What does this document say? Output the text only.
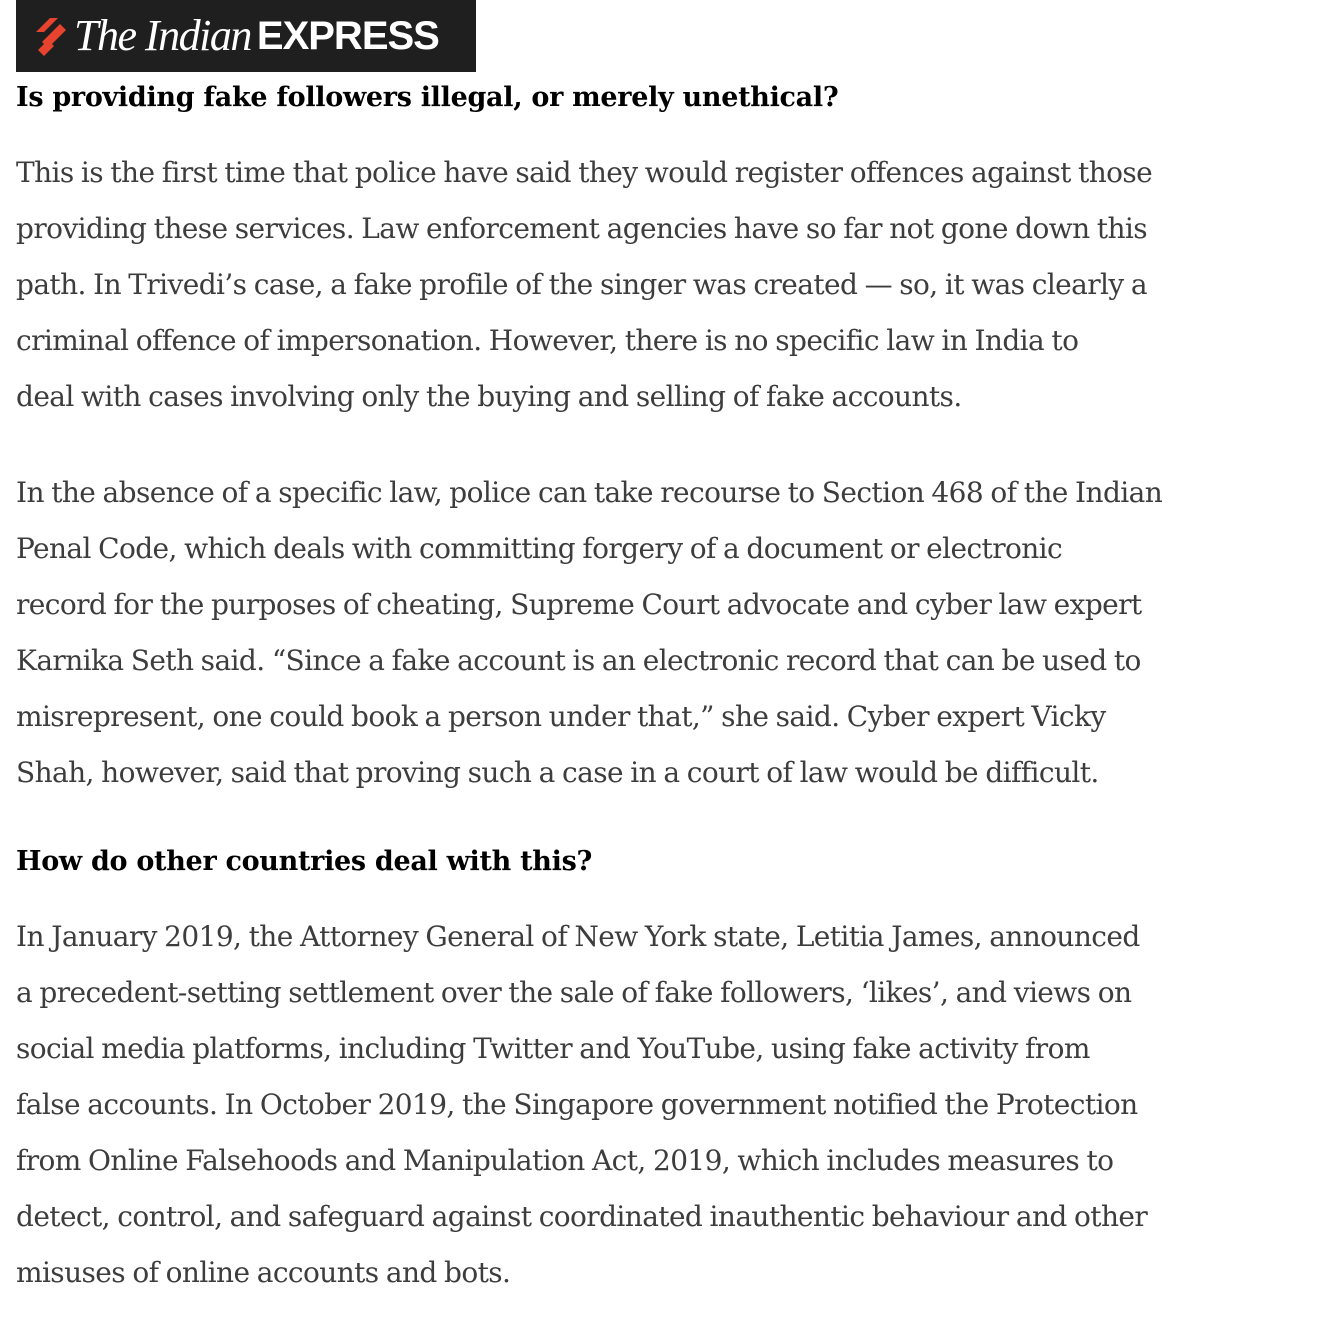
The Indian EXPRESS
Is providing fake followers illegal, or merely unethical?

This is the first time that police have said they would register offences against those
providing these services. Law enforcement agencies have so far not gone down this
path. In Trivedi’s case, a fake profile of the singer was created — so, it was clearly a
criminal offence of impersonation. However, there is no specific law in India to
deal with cases involving only the buying and selling of fake accounts.

In the absence of a specific law, police can take recourse to Section 468 of the Indian
Penal Code, which deals with committing forgery of a document or electronic
record for the purposes of cheating, Supreme Court advocate and cyber law expert
Karnika Seth said. “Since a fake account is an electronic record that can be used to
misrepresent, one could book a person under that,” she said. Cyber expert Vicky
Shah, however, said that proving such a case in a court of law would be difficult.

How do other countries deal with this?

In January 2019, the Attorney General of New York state, Letitia James, announced
a precedent-setting settlement over the sale of fake followers, ‘likes’, and views on
social media platforms, including Twitter and YouTube, using fake activity from
false accounts. In October 2019, the Singapore government notified the Protection
from Online Falsehoods and Manipulation Act, 2019, which includes measures to
detect, control, and safeguard against coordinated inauthentic behaviour and other
misuses of online accounts and bots.
